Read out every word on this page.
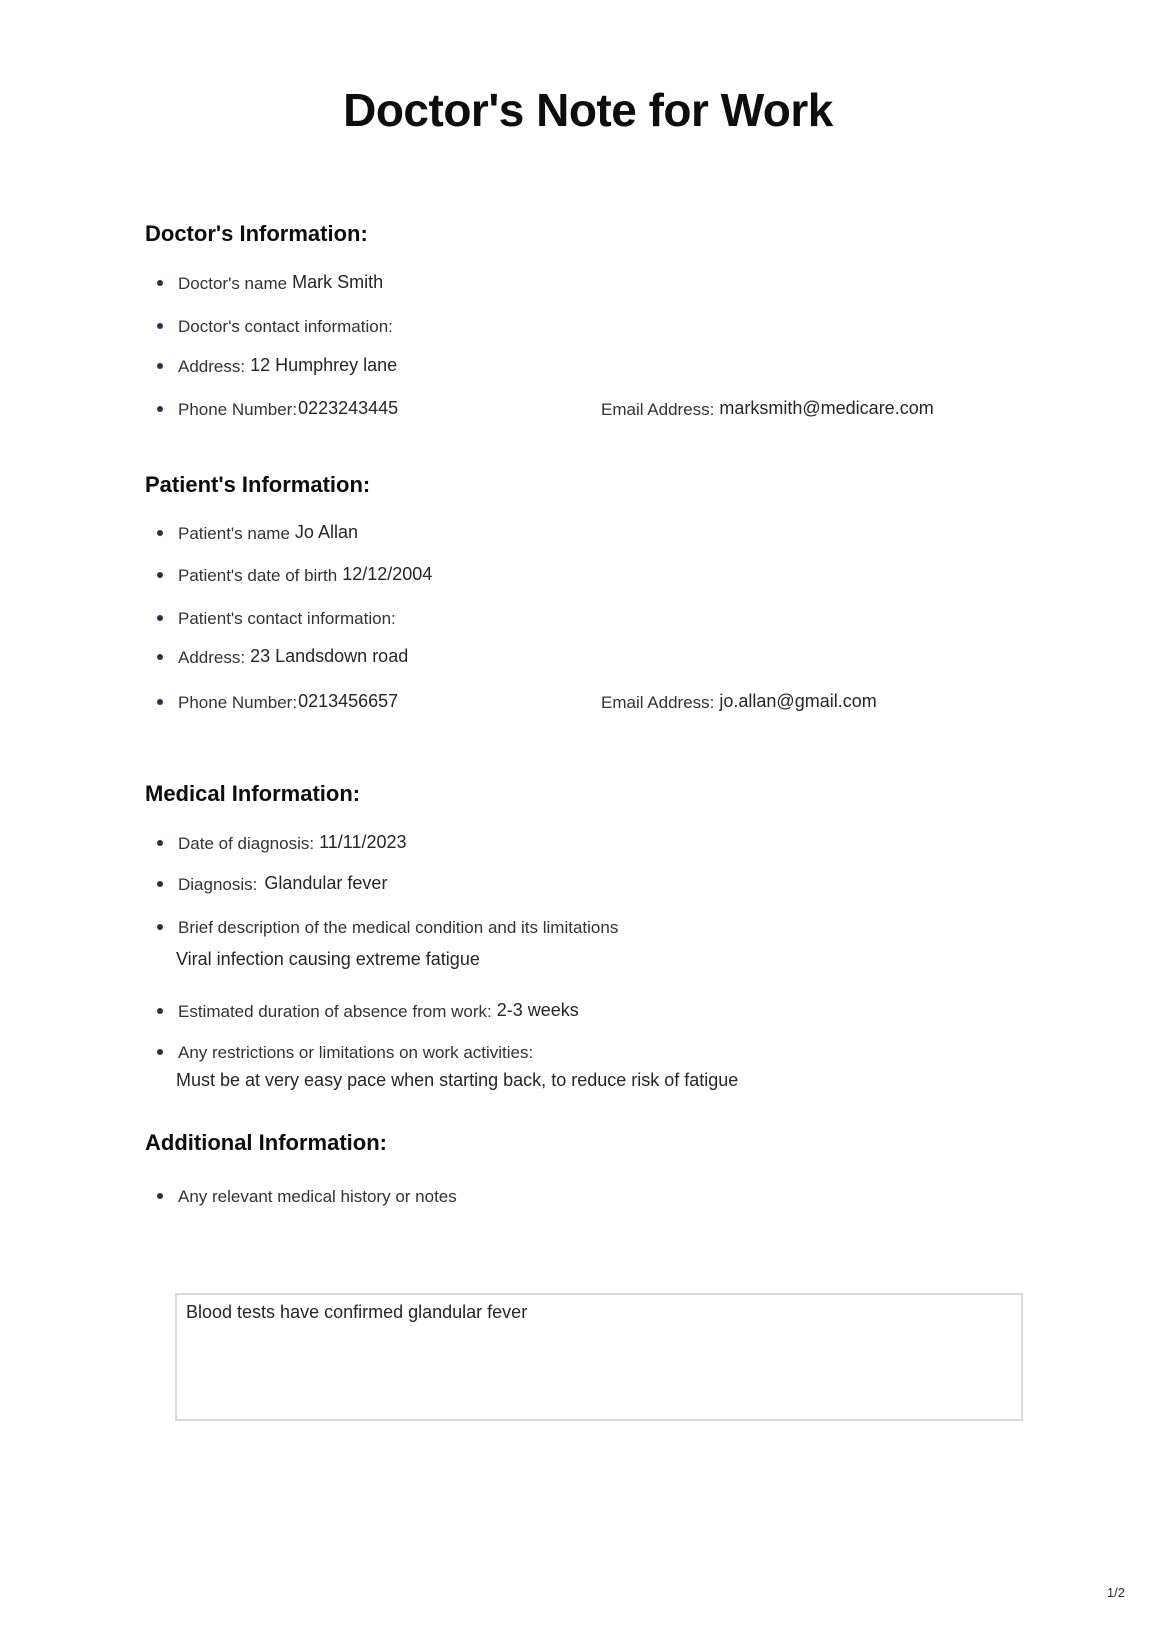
Doctor's Note for Work
Doctor's Information:
Doctor's name Mark Smith
Doctor's contact information:
Address: 12 Humphrey lane
Phone Number:0223243445	Email Address: marksmith@medicare.com
Patient's Information:
Patient's name Jo Allan
Patient's date of birth 12/12/2004
Patient's contact information:
Address: 23 Landsdown road
Phone Number:0213456657	Email Address: jo.allan@gmail.com
Medical Information:
Date of diagnosis: 11/11/2023
Diagnosis: Glandular fever
Brief description of the medical condition and its limitations
Viral infection causing extreme fatigue
Estimated duration of absence from work: 2-3 weeks
Any restrictions or limitations on work activities:
Must be at very easy pace when starting back, to reduce risk of fatigue
Additional Information:
Any relevant medical history or notes
Blood tests have confirmed glandular fever
1/2
